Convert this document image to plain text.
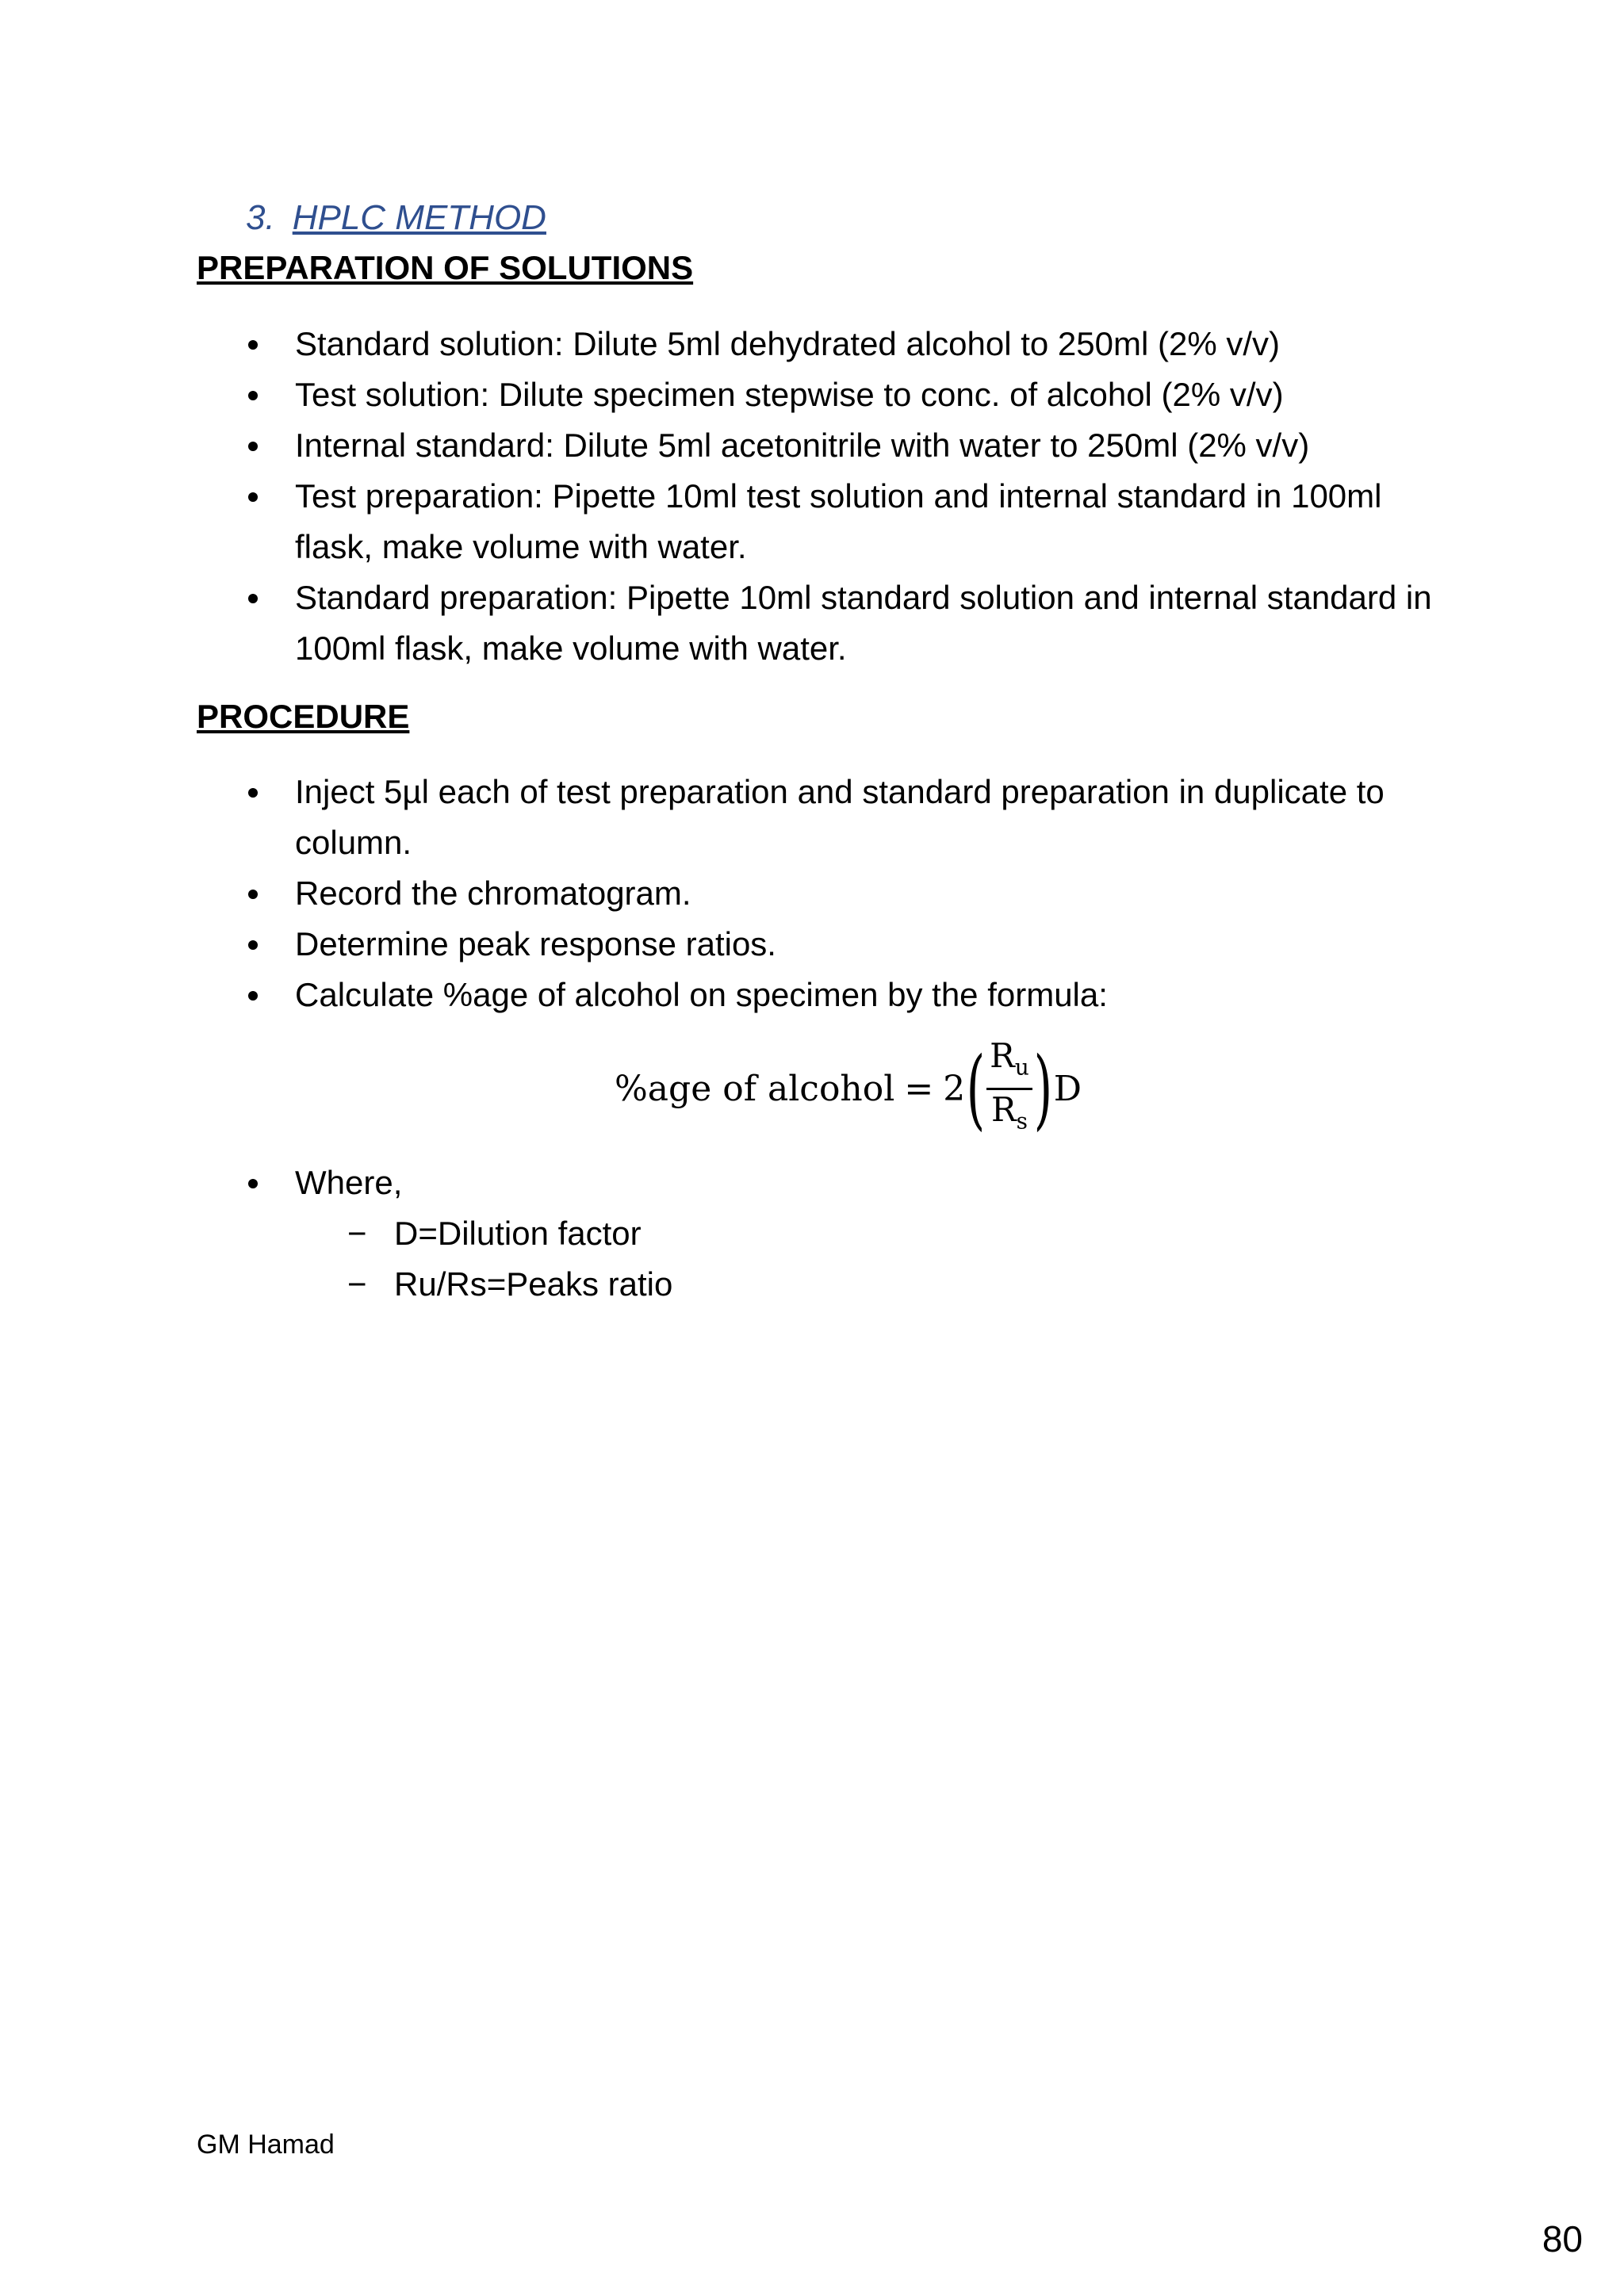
3. HPLC METHOD
PREPARATION OF SOLUTIONS
Standard solution: Dilute 5ml dehydrated alcohol to 250ml (2% v/v)
Test solution: Dilute specimen stepwise to conc. of alcohol (2% v/v)
Internal standard: Dilute 5ml acetonitrile with water to 250ml (2% v/v)
Test preparation: Pipette 10ml test solution and internal standard in 100ml flask, make volume with water.
Standard preparation: Pipette 10ml standard solution and internal standard in 100ml flask, make volume with water.
PROCEDURE
Inject 5µl each of test preparation and standard preparation in duplicate to column.
Record the chromatogram.
Determine peak response ratios.
Calculate %age of alcohol on specimen by the formula:
%age of alcohol = 2 ( $\frac{R_u}{R_s}$ ) D
Where,
− D=Dilution factor
− Ru/Rs=Peaks ratio
GM Hamad
80
